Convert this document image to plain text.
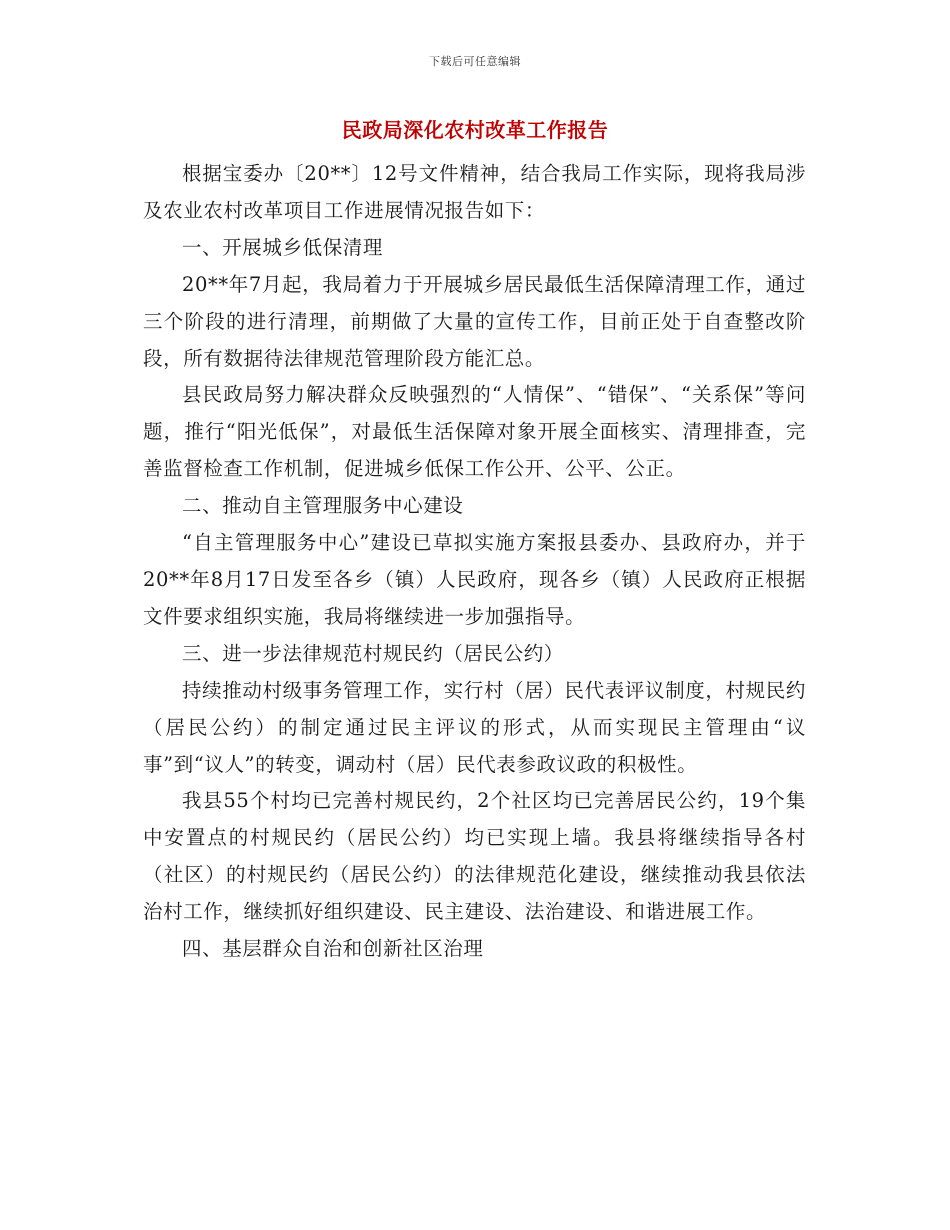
下载后可任意编辑
民政局深化农村改革工作报告

根据宝委办〔20**〕12号文件精神，结合我局工作实际，现将我局涉及农业农村改革项目工作进展情况报告如下：

一、开展城乡低保清理

20**年7月起，我局着力于开展城乡居民最低生活保障清理工作，通过三个阶段的进行清理，前期做了大量的宣传工作，目前正处于自查整改阶段，所有数据待法律规范管理阶段方能汇总。

县民政局努力解决群众反映强烈的“人情保”、“错保”、“关系保”等问题，推行“阳光低保”，对最低生活保障对象开展全面核实、清理排查，完善监督检查工作机制，促进城乡低保工作公开、公平、公正。

二、推动自主管理服务中心建设

“自主管理服务中心”建设已草拟实施方案报县委办、县政府办，并于20**年8月17日发至各乡（镇）人民政府，现各乡（镇）人民政府正根据文件要求组织实施，我局将继续进一步加强指导。

三、进一步法律规范村规民约（居民公约）

持续推动村级事务管理工作，实行村（居）民代表评议制度，村规民约（居民公约）的制定通过民主评议的形式，从而实现民主管理由“议事”到“议人”的转变，调动村（居）民代表参政议政的积极性。

我县55个村均已完善村规民约，2个社区均已完善居民公约，19个集中安置点的村规民约（居民公约）均已实现上墙。我县将继续指导各村（社区）的村规民约（居民公约）的法律规范化建设，继续推动我县依法治村工作，继续抓好组织建设、民主建设、法治建设、和谐进展工作。

四、基层群众自治和创新社区治理
